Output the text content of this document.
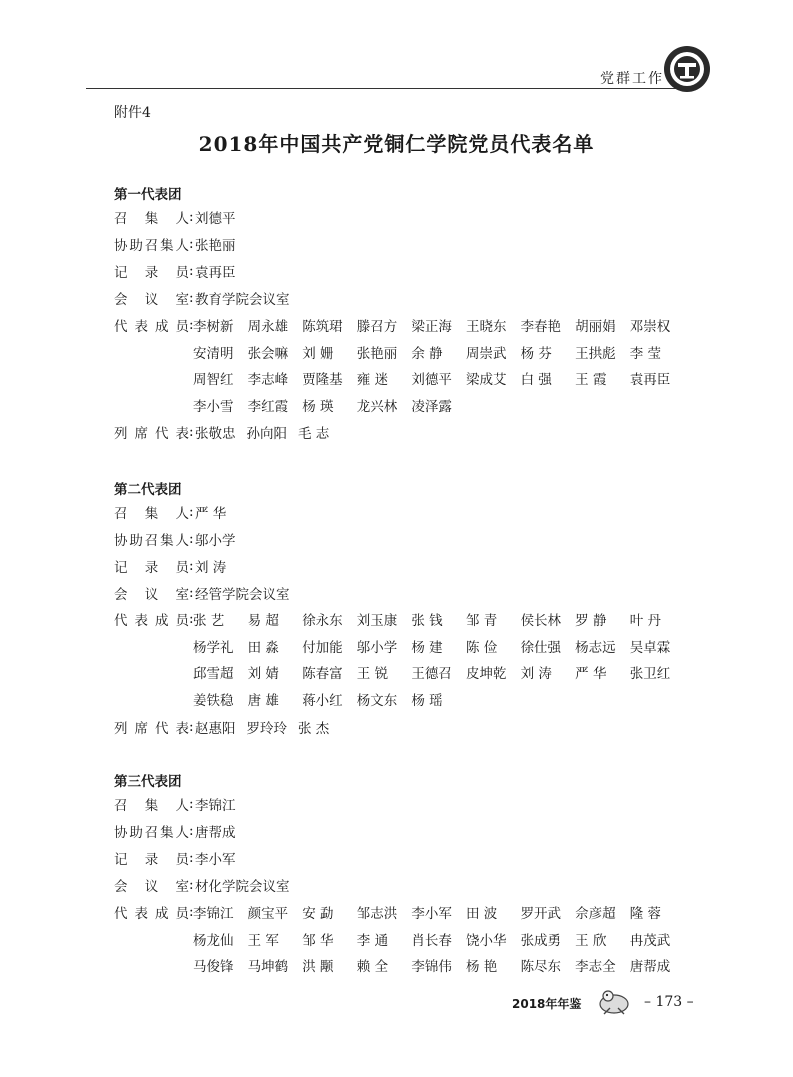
党群工作
附件4
2018年中国共产党铜仁学院党员代表名单
第一代表团
召集人 : 刘德平
协助召集人 : 张艳丽
记录员 : 袁再臣
会议室 : 教育学院会议室
代表成员 : 李树新	周永雄	陈筑珺	滕召方	梁正海	王晓东	李春艳	胡丽娟	邓崇权
安清明	张会嘛	刘 姗	张艳丽	余 静	周崇武	杨 芬	王拱彪	李 莹
周智红	李志峰	贾隆基	雍 迷	刘德平	梁成艾	白 强	王 霞	袁再臣
李小雪	李红霞	杨 瑛	龙兴林	凌泽露
列席代表 : 张敬忠 孙向阳 毛 志
第二代表团
召集人 : 严 华
协助召集人 : 邬小学
记录员 : 刘 涛
会议室 : 经管学院会议室
代表成员 : 张 艺	易 超	徐永东	刘玉康	张 钱	邹 青	侯长林	罗 静	叶 丹
杨学礼	田 淼	付加能	邬小学	杨 建	陈 俭	徐仕强	杨志远	吴卓霖
邱雪超	刘 婧	陈春富	王 锐	王德召	皮坤乾	刘 涛	严 华	张卫红
姜铁稳	唐 雄	蒋小红	杨文东	杨 瑶
列席代表 : 赵惠阳 罗玲玲 张 杰
第三代表团
召集人 : 李锦江
协助召集人 : 唐帮成
记录员 : 李小军
会议室 : 材化学院会议室
代表成员 : 李锦江	颜宝平	安 勐	邹志洪	李小军	田 波	罗开武	佘彦超	隆 蓉
杨龙仙	王 军	邹 华	李 通	肖长春	饶小华	张成勇	王 欣	冉茂武
马俊锋	马坤鹤	洪 颙	赖 全	李锦伟	杨 艳	陈尽东	李志全	唐帮成
2018年年鉴	– 173 –
